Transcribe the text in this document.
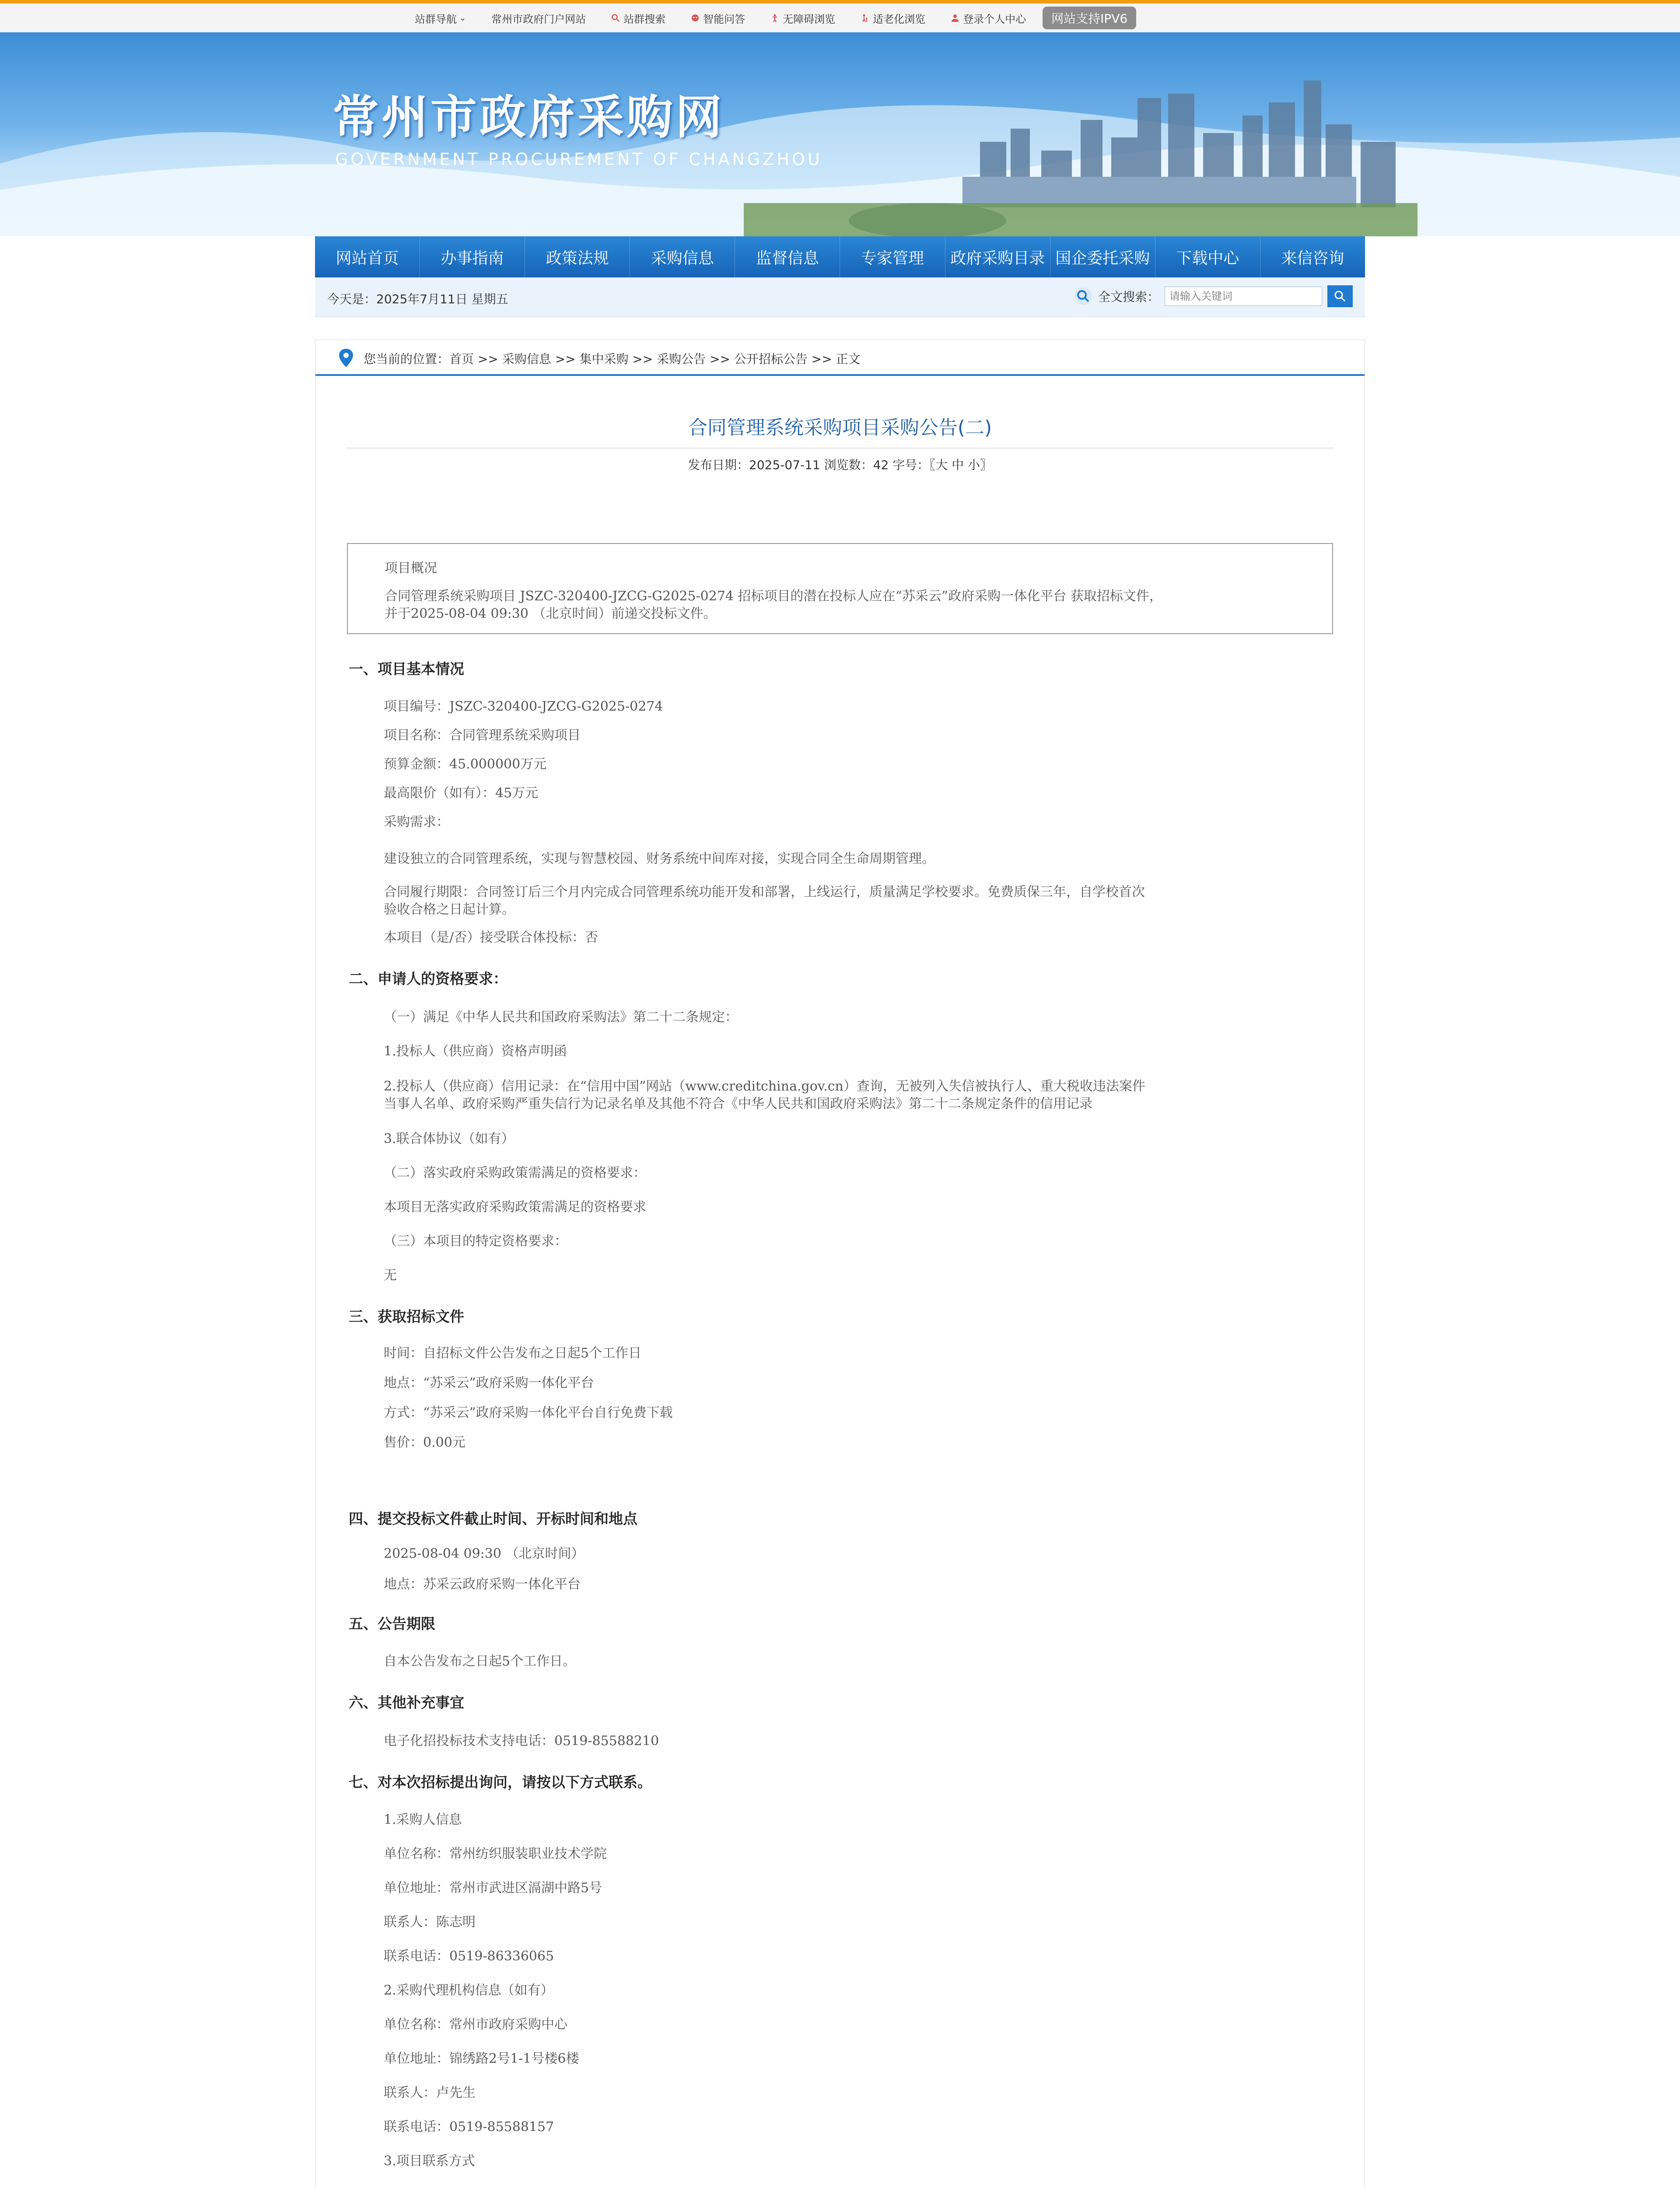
站群导航 ⌄ 常州市政府门户网站	站群搜索	智能问答	无障碍浏览	适老化浏览	登录个人中心	网站支持IPV6
常州市政府采购网
GOVERNMENT PROCUREMENT OF CHANGZHOU
网站首页	办事指南	政策法规	采购信息	监督信息	专家管理	政府采购目录 国企委托采购	下载中心	来信咨询
今天是：2025年7月11日 星期五	全文搜索：
请输入关键词
您当前的位置：首页 >> 采购信息 >> 集中采购 >> 采购公告 >> 公开招标公告 >> 正文
合同管理系统采购项目采购公告(二)
发布日期：2025-07-11 浏览数：42 字号：〖大 中 小〗
项目概况
合同管理系统采购项目 JSZC-320400-JZCG-G2025-0274 招标项目的潜在投标人应在“苏采云”政府采购一体化平台 获取招标文件，
并于2025-08-04 09:30 （北京时间）前递交投标文件。
一、项目基本情况
项目编号：JSZC-320400-JZCG-G2025-0274
项目名称：合同管理系统采购项目
预算金额：45.000000万元
最高限价（如有）：45万元
采购需求：
建设独立的合同管理系统，实现与智慧校园、财务系统中间库对接，实现合同全生命周期管理。
合同履行期限：合同签订后三个月内完成合同管理系统功能开发和部署，上线运行，质量满足学校要求。免费质保三年，自学校首次
验收合格之日起计算。
本项目（是/否）接受联合体投标：否
二、申请人的资格要求：
（一）满足《中华人民共和国政府采购法》第二十二条规定：
1.投标人（供应商）资格声明函
2.投标人（供应商）信用记录：在“信用中国”网站（www.creditchina.gov.cn）查询，无被列入失信被执行人、重大税收违法案件
当事人名单、政府采购严重失信行为记录名单及其他不符合《中华人民共和国政府采购法》第二十二条规定条件的信用记录
3.联合体协议（如有）
（二）落实政府采购政策需满足的资格要求：
本项目无落实政府采购政策需满足的资格要求
（三）本项目的特定资格要求：
无
三、获取招标文件
时间：自招标文件公告发布之日起5个工作日
地点：“苏采云”政府采购一体化平台
方式：“苏采云”政府采购一体化平台自行免费下载
售价：0.00元
四、提交投标文件截止时间、开标时间和地点
2025-08-04 09:30 （北京时间）
地点：苏采云政府采购一体化平台
五、公告期限
自本公告发布之日起5个工作日。
六、其他补充事宜
电子化招投标技术支持电话：0519-85588210
七、对本次招标提出询问，请按以下方式联系。
1.采购人信息
单位名称：常州纺织服装职业技术学院
单位地址：常州市武进区滆湖中路5号
联系人：陈志明
联系电话：0519-86336065
2.采购代理机构信息（如有）
单位名称：常州市政府采购中心
单位地址：锦绣路2号1-1号楼6楼
联系人：卢先生
联系电话：0519-85588157
3.项目联系方式
